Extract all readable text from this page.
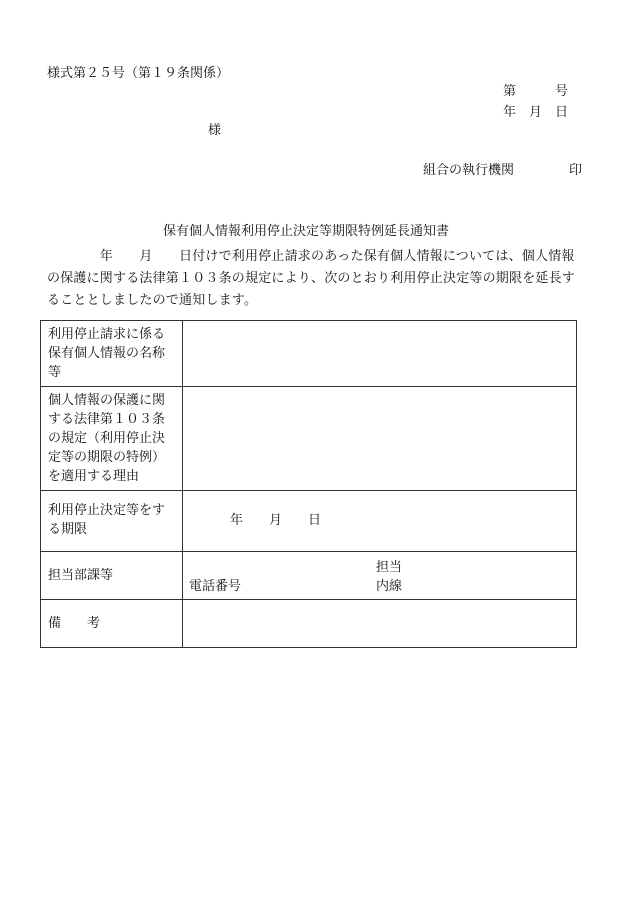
様式第２５号（第１９条関係）
第　　　号
年　月　日
様
組合の執行機関	印
保有個人情報利用停止決定等期限特例延長通知書
　　　　年　　月　　日付けで利用停止請求のあった保有個人情報については、個人情報
の保護に関する法律第１０３条の規定により、次のとおり利用停止決定等の期限を延長す
ることとしましたので通知します。
利用停止請求に係る保有個人情報の名称等	
個人情報の保護に関する法律第１０３条の規定（利用停止決定等の期限の特例）を適用する理由	
利用停止決定等をする期限	年　　月　　日

担当部課等	担当
電話番号 内線

備　　考	
